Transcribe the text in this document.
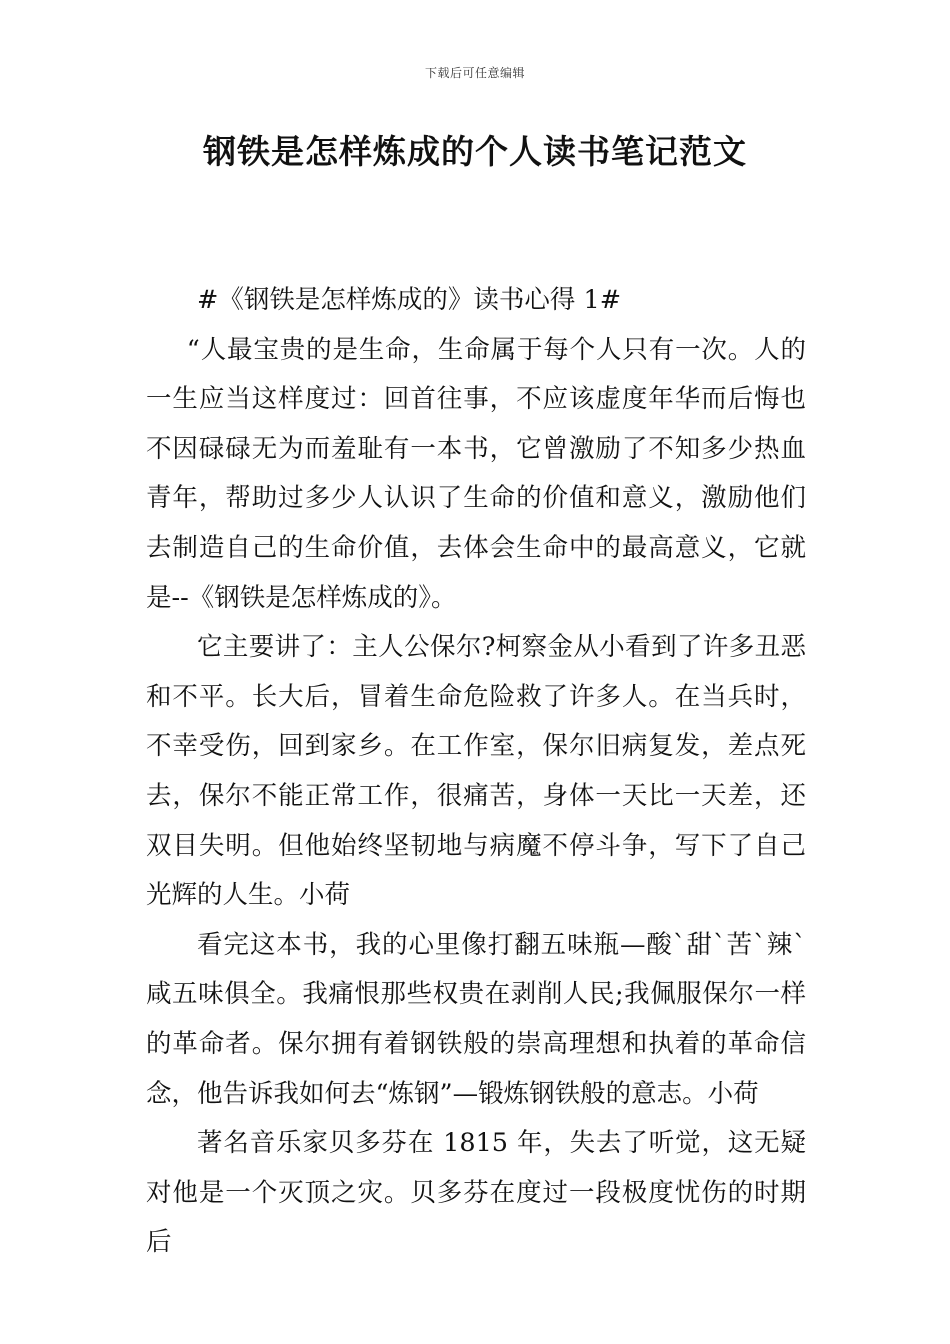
下载后可任意编辑
钢铁是怎样炼成的个人读书笔记范文

#《钢铁是怎样炼成的》读书心得 1#

“人最宝贵的是生命，生命属于每个人只有一次。人的一生应当这样度过：回首往事，不应该虚度年华而后悔也不因碌碌无为而羞耻有一本书，它曾激励了不知多少热血青年，帮助过多少人认识了生命的价值和意义，激励他们去制造自己的生命价值，去体会生命中的最高意义，它就是--《钢铁是怎样炼成的》。

它主要讲了：主人公保尔?柯察金从小看到了许多丑恶和不平。长大后，冒着生命危险救了许多人。在当兵时，不幸受伤，回到家乡。在工作室，保尔旧病复发，差点死去，保尔不能正常工作，很痛苦，身体一天比一天差，还双目失明。但他始终坚韧地与病魔不停斗争，写下了自己光辉的人生。小荷

看完这本书，我的心里像打翻五味瓶—酸`甜`苦`辣`咸五味俱全。我痛恨那些权贵在剥削人民;我佩服保尔一样的革命者。保尔拥有着钢铁般的崇高理想和执着的革命信念，他告诉我如何去“炼钢”—锻炼钢铁般的意志。小荷

著名音乐家贝多芬在 1815 年，失去了听觉，这无疑对他是一个灭顶之灾。贝多芬在度过一段极度忧伤的时期后
